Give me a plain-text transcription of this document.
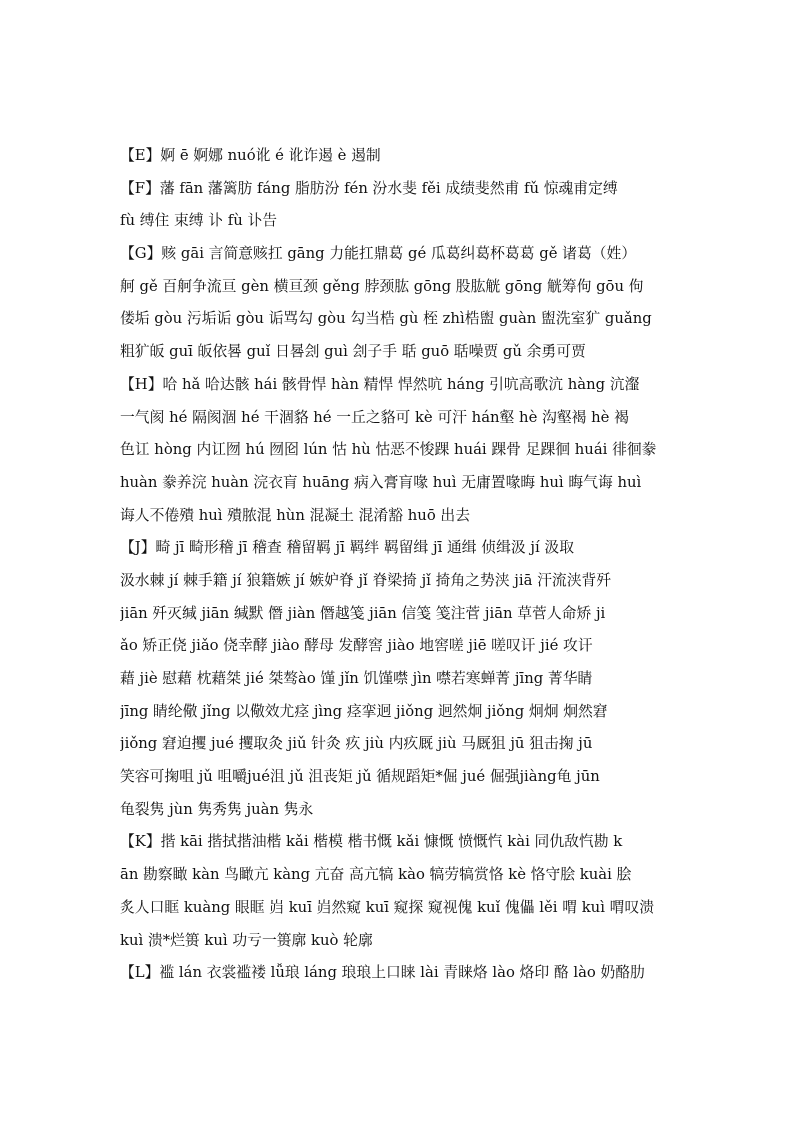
【E】婀 ē 婀娜 nuó讹 é 讹诈遏 è 遏制
【F】藩 fān 藩篱肪 fáng 脂肪汾 fén 汾水斐 fěi 成绩斐然甫 fǔ 惊魂甫定缚
fù 缚住 束缚 讣 fù 讣告
【G】赅 gāi 言简意赅扛 gāng 力能扛鼎葛 gé 瓜葛纠葛杯葛葛 gě 诸葛（姓）
舸 gě 百舸争流亘 gèn 横亘颈 gěng 脖颈肱 gōng 股肱觥 gōng 觥筹佝 gōu 佝
偻垢 gòu 污垢诟 gòu 诟骂勾 gòu 勾当梏 gù 桎 zhì梏盥 guàn 盥洗室犷 guǎng
粗犷皈 guī 皈依晷 guǐ 日晷刽 guì 刽子手 聒 guō 聒噪贾 gǔ 余勇可贾
【H】哈 hǎ 哈达骸 hái 骸骨悍 hàn 精悍 悍然吭 háng 引吭高歌沆 hàng 沆瀣
一气阂 hé 隔阂涸 hé 干涸貉 hé 一丘之貉可 kè 可汗 hán壑 hè 沟壑褐 hè 褐
色讧 hòng 内讧囫 hú 囫囵 lún 怙 hù 怙恶不悛踝 huái 踝骨 足踝徊 huái 徘徊豢
huàn 豢养浣 huàn 浣衣肓 huāng 病入膏肓喙 huì 无庸置喙晦 huì 晦气诲 huì
诲人不倦殨 huì 殨脓混 hùn 混凝土 混淆豁 huō 出去
【J】畸 jī 畸形稽 jī 稽查 稽留羁 jī 羁绊 羁留缉 jī 通缉 侦缉汲 jí 汲取
汲水棘 jí 棘手籍 jí 狼籍嫉 jí 嫉妒脊 jǐ 脊梁掎 jǐ 掎角之势浃 jiā 汗流浃背歼
jiān 歼灭缄 jiān 缄默 僭 jiàn 僭越笺 jiān 信笺 笺注菅 jiān 草菅人命矫 ji
ǎo 矫正侥 jiǎo 侥幸酵 jiào 酵母 发酵窖 jiào 地窖嗟 jiē 嗟叹讦 jié 攻讦
藉 jiè 慰藉 枕藉桀 jié 桀骜ào 馑 jǐn 饥馑噤 jìn 噤若寒蝉菁 jīng 菁华睛
jīng 睛纶儆 jǐng 以儆效尤痉 jìng 痉挛迥 jiǒng 迥然炯 jiǒng 炯炯 炯然窘
jiǒng 窘迫攫 jué 攫取灸 jiǔ 针灸 疚 jiù 内疚厩 jiù 马厩狙 jū 狙击掬 jū
笑容可掬咀 jǔ 咀嚼jué沮 jǔ 沮丧矩 jǔ 循规蹈矩*倔 jué 倔强jiàng龟 jūn
龟裂隽 jùn 隽秀隽 juàn 隽永
【K】揩 kāi 揩拭揩油楷 kǎi 楷模 楷书慨 kǎi 慷慨 愤慨忾 kài 同仇敌忾勘 k
ān 勘察瞰 kàn 鸟瞰亢 kàng 亢奋 高亢犒 kào 犒劳犒赏恪 kè 恪守脍 kuài 脍
炙人口眶 kuàng 眼眶 岿 kuī 岿然窥 kuī 窥探 窥视傀 kuǐ 傀儡 lěi 喟 kuì 喟叹溃
kuì 溃*烂篑 kuì 功亏一篑廓 kuò 轮廓
【L】褴 lán 衣裳褴褛 lǚ琅 láng 琅琅上口睐 lài 青睐烙 lào 烙印 酪 lào 奶酪肋
